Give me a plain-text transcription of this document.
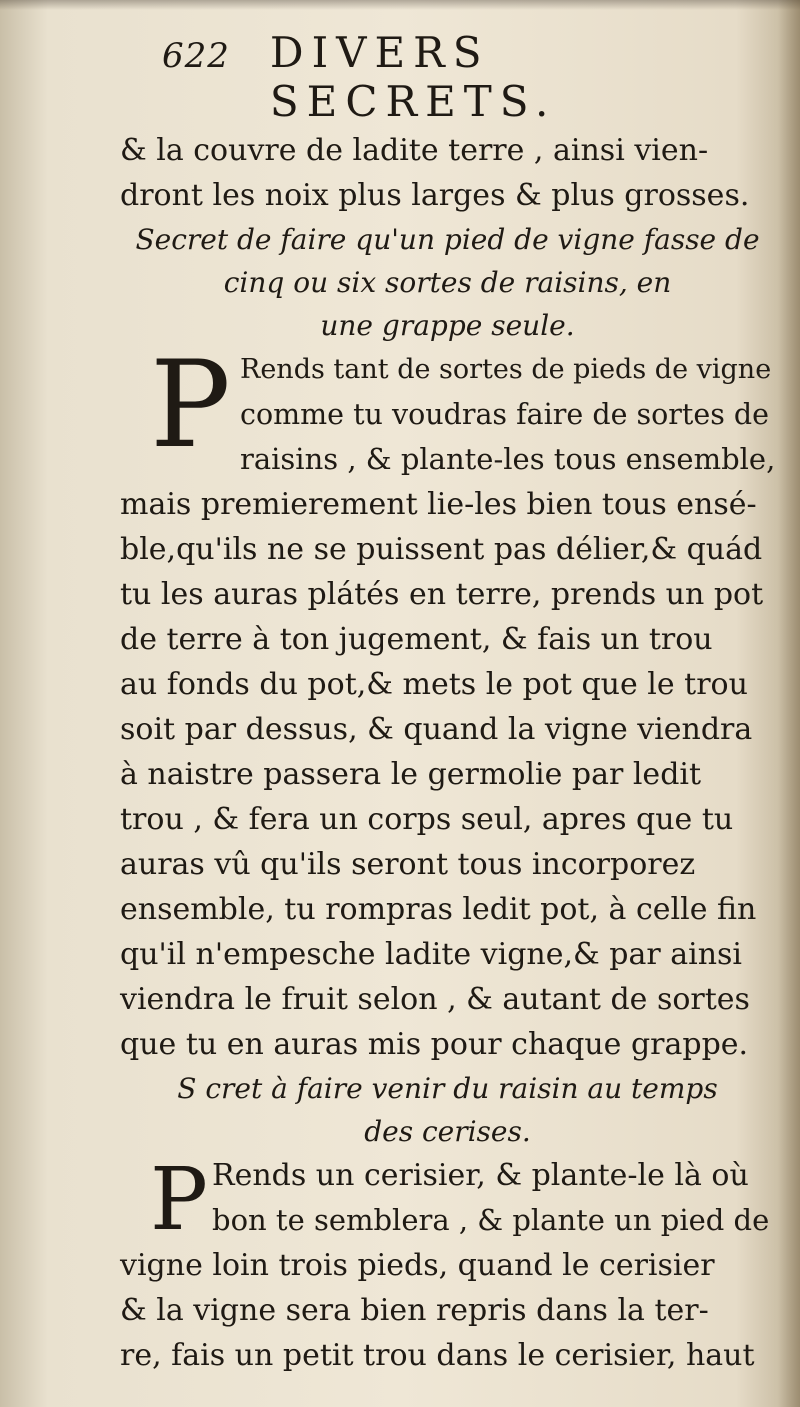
622 DIVERS SECRETS.
& la couvre de ladite terre , ainsi vien-
dront les noix plus larges & plus grosses.
Secret de faire qu'un pied de vigne fasse de
cinq ou six sortes de raisins, en
une grappe seule.
P Rends tant de sortes de pieds de vigne
comme tu voudras faire de sortes de
raisins , & plante-les tous ensemble,
mais premierement lie-les bien tous ensé-
ble,qu'ils ne se puissent pas délier,& quád
tu les auras plátés en terre, prends un pot
de terre à ton jugement, & fais un trou
au fonds du pot,& mets le pot que le trou
soit par dessus, & quand la vigne viendra
à naistre passera le germolie par ledit
trou , & fera un corps seul, apres que tu
auras vû qu'ils seront tous incorporez
ensemble, tu rompras ledit pot, à celle fin
qu'il n'empesche ladite vigne,& par ainsi
viendra le fruit selon , & autant de sortes
que tu en auras mis pour chaque grappe.
S cret à faire venir du raisin au temps
des cerises.
P Rends un cerisier, & plante-le là où
bon te semblera , & plante un pied de
vigne loin trois pieds, quand le cerisier
& la vigne sera bien repris dans la ter-
re, fais un petit trou dans le cerisier, haut
